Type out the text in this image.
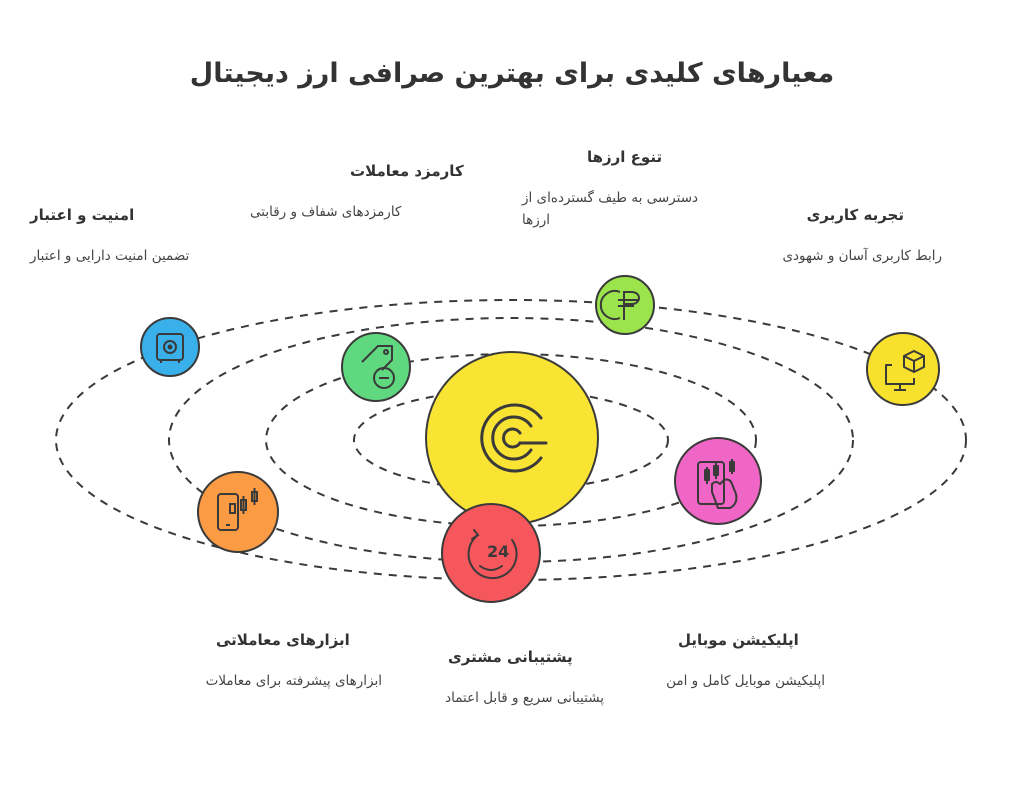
معیارهای کلیدی برای بهترین صرافی ارز دیجیتال
24
امنیت و اعتبار
تضمین امنیت دارایی و اعتبار
کارمزد معاملات
کارمزدهای شفاف و رقابتی
تنوع ارزها
دسترسی به طیف گسترده‌ای از ارزها	تجربه کاربری
رابط کاربری آسان و شهودی
ابزارهای معاملاتی
ابزارهای پیشرفته برای معاملات
پشتیبانی مشتری
پشتیبانی سریع و قابل اعتماد
اپلیکیشن موبایل
اپلیکیشن موبایل کامل و امن
